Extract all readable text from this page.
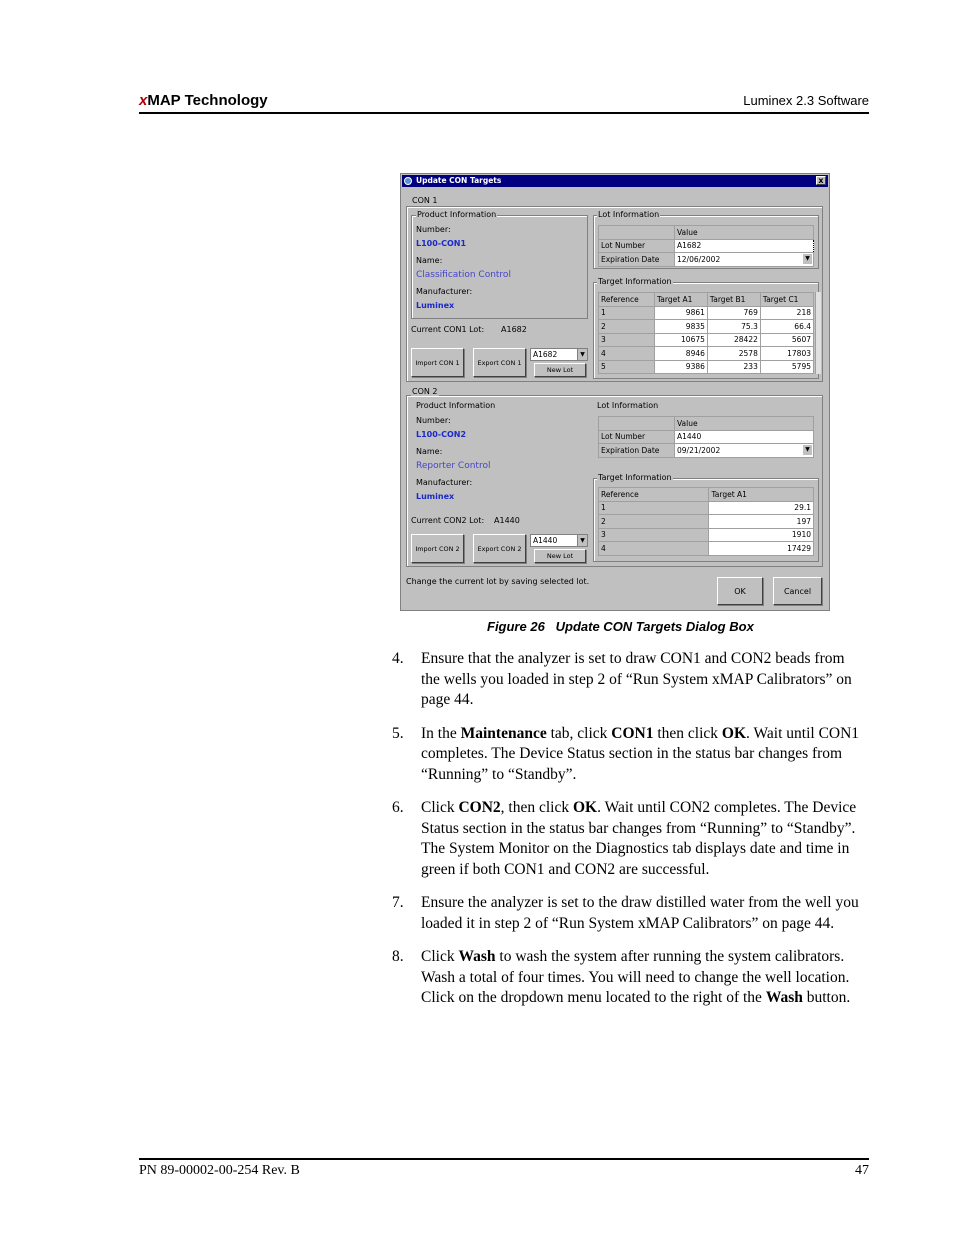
xMAP Technology	Luminex 2.3 Software
Update CON Targets	x
CON 1
Product Information
Number:
L100-CON1
Name:
Classification Control
Manufacturer:
Luminex
Current CON1 Lot: A1682
Import CON 1	Export CON 1
A1682	▼
New Lot
Lot Information
	Value
Lot Number	A1682
Expiration Date	12/06/2002 ▼
Target Information
Reference	Target A1	Target B1	Target C1
1	9861	769	218
2	9835	75.3	66.4
3	10675	28422	5607
4	8946	2578	17803
5	9386	233	5795
CON 2
Product Information
Number:
L100-CON2
Name:
Reporter Control
Manufacturer:
Luminex
Current CON2 Lot: A1440
Import CON 2	Export CON 2
A1440	▼
New Lot
Lot Information
	Value
Lot Number	A1440
Expiration Date	09/21/2002 ▼
Target Information
Reference	Target A1
1	29.1
2	197
3	1910
4	17429
Change the current lot by saving selected lot.
OK	Cancel
Figure 26 Update CON Targets Dialog Box
4. Ensure that the analyzer is set to draw CON1 and CON2 beads from the wells you loaded in step 2 of “Run System xMAP Calibrators” on page 44.
5. In the Maintenance tab, click CON1 then click OK. Wait until CON1 completes. The Device Status section in the status bar changes from “Running” to “Standby”.
6. Click CON2, then click OK. Wait until CON2 completes. The Device Status section in the status bar changes from “Running” to “Standby”. The System Monitor on the Diagnostics tab displays date and time in green if both CON1 and CON2 are successful.
7. Ensure the analyzer is set to the draw distilled water from the well you loaded it in step 2 of “Run System xMAP Calibrators” on page 44.
8. Click Wash to wash the system after running the system calibrators. Wash a total of four times. You will need to change the well location. Click on the dropdown menu located to the right of the Wash button.
PN 89-00002-00-254 Rev. B	47
